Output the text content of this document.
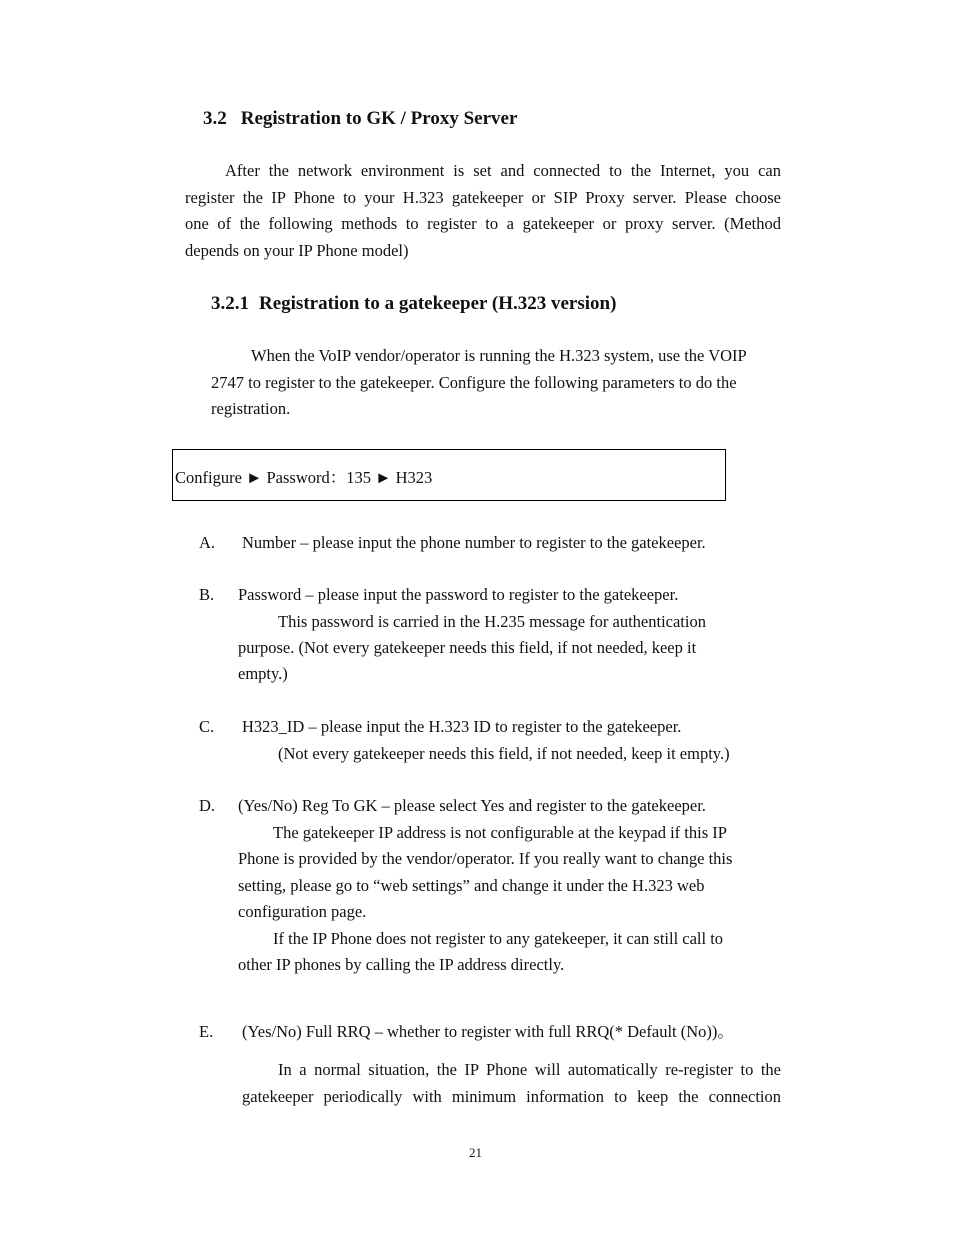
3.2 Registration to GK / Proxy Server
After the network environment is set and connected to the Internet, you can
register the IP Phone to your H.323 gatekeeper or SIP Proxy server. Please choose
one of the following methods to register to a gatekeeper or proxy server. (Method
depends on your IP Phone model)
3.2.1 Registration to a gatekeeper (H.323 version)
When the VoIP vendor/operator is running the H.323 system, use the VOIP
2747 to register to the gatekeeper. Configure the following parameters to do the
registration.
Configure ► Password：135 ► H323
A. Number – please input the phone number to register to the gatekeeper.
B. Password – please input the password to register to the gatekeeper.
This password is carried in the H.235 message for authentication
purpose. (Not every gatekeeper needs this field, if not needed, keep it
empty.)
C. H323_ID – please input the H.323 ID to register to the gatekeeper.
(Not every gatekeeper needs this field, if not needed, keep it empty.)
D. (Yes/No) Reg To GK – please select Yes and register to the gatekeeper.
The gatekeeper IP address is not configurable at the keypad if this IP
Phone is provided by the vendor/operator. If you really want to change this
setting, please go to “web settings” and change it under the H.323 web
configuration page.
If the IP Phone does not register to any gatekeeper, it can still call to
other IP phones by calling the IP address directly.
E. (Yes/No) Full RRQ – whether to register with full RRQ(* Default (No))。
In a normal situation, the IP Phone will automatically re-register to the
gatekeeper periodically with minimum information to keep the connection
21
